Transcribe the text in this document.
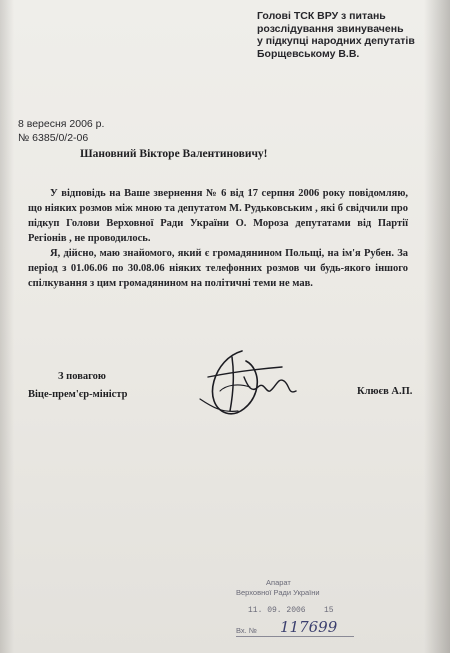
Голові ТСК ВРУ з питань
розслідування звинувачень
у підкупці народних депутатів
Борщевському В.В.
8 вересня 2006 р.
№ 6385/0/2-06

Шановний Вікторе Валентиновичу!

У відповідь на Ваше звернення № 6 від 17 серпня 2006 року повідомляю, що ніяких розмов між мною та депутатом М. Рудьковським , які б свідчили про підкуп Голови Верховної Ради України О. Мороза депутатами від Партії Регіонів , не проводилось.

Я, дійсно, маю знайомого, який є громадянином Польщі, на ім'я Рубен. За період з 01.06.06 по 30.08.06 ніяких телефонних розмов чи будь-якого іншого спілкування з цим громадянином на політичні теми не мав.

З повагою
Віце-прем'єр-міністр	Клюєв А.П.
Апарат
Верховної Ради України
11. 09. 2006 15
Вх. № 117699
